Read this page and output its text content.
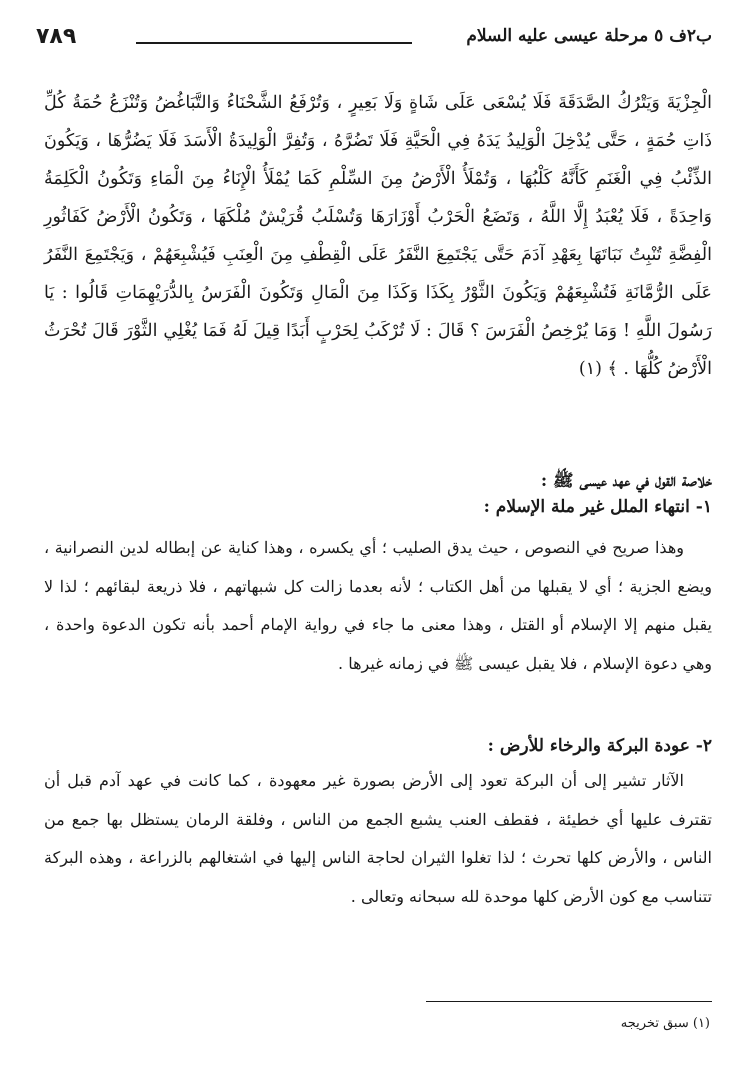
ب٢ف ٥ مرحلة عيسى عليه السلام
٧٨٩

الْجِزْيَةَ وَيَتْرُكُ الصَّدَقَةَ فَلَا يُسْعَى عَلَى شَاةٍ وَلَا بَعِيرٍ ، وَتُرْفَعُ الشَّحْنَاءُ وَالتَّبَاغُضُ وَتُنْزَعُ حُمَةُ كُلِّ ذَاتِ حُمَةٍ ، حَتَّى يُدْخِلَ الْوَلِيدُ يَدَهُ فِي الْحَيَّةِ فَلَا تَضُرَّهُ ، وَتُفِرَّ الْوَلِيدَةُ الْأَسَدَ فَلَا يَضُرُّهَا ، وَيَكُونَ الذِّئْبُ فِي الْغَنَمِ كَأَنَّهُ كَلْبُهَا ، وَتُمْلَأُ الْأَرْضُ مِنَ السِّلْمِ كَمَا يُمْلَأُ الْإِنَاءُ مِنَ الْمَاءِ وَتَكُونُ الْكَلِمَةُ وَاحِدَةً ، فَلَا يُعْبَدُ إِلَّا اللَّهُ ، وَتَضَعُ الْحَرْبُ أَوْزَارَهَا وَتُسْلَبُ قُرَيْشٌ مُلْكَهَا ، وَتَكُونُ الْأَرْضُ كَفَاثُورِ الْفِضَّةِ تُنْبِتُ نَبَاتَهَا بِعَهْدِ آدَمَ حَتَّى يَجْتَمِعَ النَّفَرُ عَلَى الْقِطْفِ مِنَ الْعِنَبِ فَيُشْبِعَهُمْ ، وَيَجْتَمِعَ النَّفَرُ عَلَى الرُّمَّانَةِ فَتُشْبِعَهُمْ وَيَكُونَ الثَّوْرُ بِكَذَا وَكَذَا مِنَ الْمَالِ وَتَكُونَ الْفَرَسُ بِالدُّرَيْهِمَاتِ قَالُوا : يَا رَسُولَ اللَّهِ ! وَمَا يُرْخِصُ الْفَرَسَ ؟ قَالَ : لَا تُرْكَبُ لِحَرْبٍ أَبَدًا قِيلَ لَهُ فَمَا يُغْلِي الثَّوْرَ قَالَ تُحْرَثُ الْأَرْضُ كُلُّهَا . ﴾ (١)

خلاصة القول في عهد عيسى ﷺ :
١- انتهاء الملل غير ملة الإسلام :

وهذا صريح في النصوص ، حيث يدق الصليب ؛ أي يكسره ، وهذا كناية عن إبطاله لدين النصرانية ، ويضع الجزية ؛ أي لا يقبلها من أهل الكتاب ؛ لأنه بعدما زالت كل شبهاتهم ، فلا ذريعة لبقائهم ؛ لذا لا يقبل منهم إلا الإسلام أو القتل ، وهذا معنى ما جاء في رواية الإمام أحمد بأنه تكون الدعوة واحدة ، وهي دعوة الإسلام ، فلا يقبل عيسى ﷺ في زمانه غيرها .

٢- عودة البركة والرخاء للأرض :

الآثار تشير إلى أن البركة تعود إلى الأرض بصورة غير معهودة ، كما كانت في عهد آدم قبل أن تقترف عليها أي خطيئة ، فقطف العنب يشبع الجمع من الناس ، وفلقة الرمان يستظل بها جمع من الناس ، والأرض كلها تحرث ؛ لذا تغلوا الثيران لحاجة الناس إليها في اشتغالهم بالزراعة ، وهذه البركة تتناسب مع كون الأرض كلها موحدة لله سبحانه وتعالى .

(١) سبق تخريجه
